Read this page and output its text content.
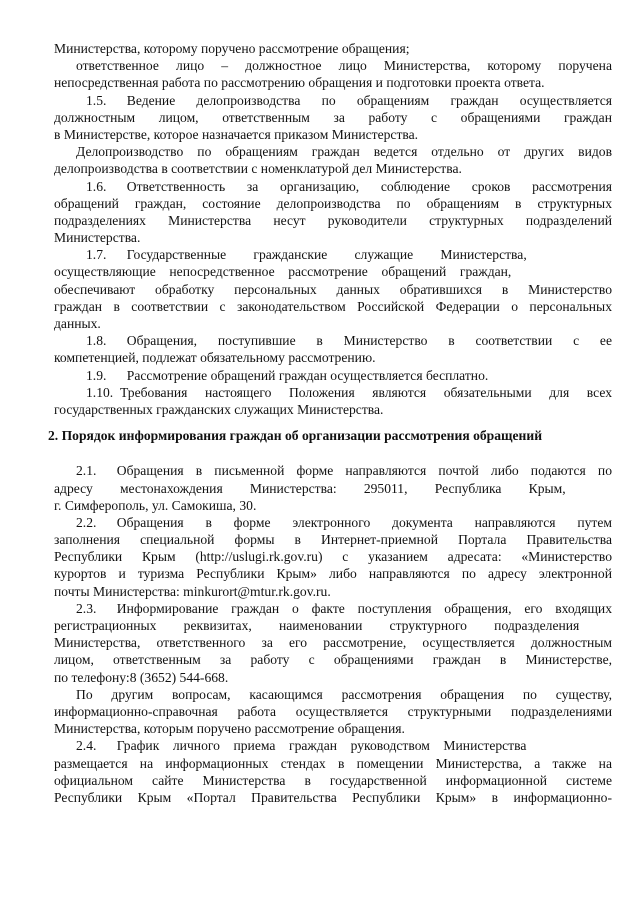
Министерства, которому поручено рассмотрение обращения;
ответственное лицо – должностное лицо Министерства, которому поручена
непосредственная работа по рассмотрению обращения и подготовки проекта ответа.
1.5.  Ведение делопроизводства по обращениям граждан осуществляется
должностным лицом, ответственным за работу с обращениями граждан
в Министерстве, которое назначается приказом Министерства.
Делопроизводство по обращениям граждан ведется отдельно от других видов
делопроизводства в соответствии с номенклатурой дел Министерства.
1.6.  Ответственность за организацию, соблюдение сроков рассмотрения
обращений граждан, состояние делопроизводства по обращениям в структурных
подразделениях Министерства несут руководители структурных подразделений
Министерства.
1.7.  Государственные  гражданские  служащие  Министерства,
осуществляющие непосредственное рассмотрение обращений граждан,
обеспечивают обработку персональных данных обратившихся в Министерство
граждан в соответствии с законодательством Российской Федерации о персональных
данных.
1.8.  Обращения, поступившие в Министерство в соответствии с ее
компетенцией, подлежат обязательному рассмотрению.
1.9.  Рассмотрение обращений граждан осуществляется бесплатно.
1.10. Требования настоящего Положения являются обязательными для всех
государственных гражданских служащих Министерства.
2. Порядок информирования граждан об организации рассмотрения обращений
2.1.  Обращения в письменной форме направляются почтой либо подаются по
адресу  местонахождения  Министерства:  295011,  Республика  Крым,
г. Симферополь, ул. Самокиша, 30.
2.2.  Обращения в форме электронного документа направляются путем
заполнения специальной формы в Интернет-приемной Портала Правительства
Республики Крым (http://uslugi.rk.gov.ru) с указанием адресата: «Министерство
курортов и туризма Республики Крым» либо направляются по адресу электронной
почты Министерства: minkurort@mtur.rk.gov.ru.
2.3.  Информирование граждан о факте поступления обращения, его входящих
регистрационных  реквизитах,  наименовании  структурного  подразделения
Министерства, ответственного за его рассмотрение, осуществляется должностным
лицом, ответственным за работу с обращениями граждан в Министерстве,
по телефону:8 (3652) 544-668.
По другим вопросам, касающимся рассмотрения обращения по существу,
информационно-справочная работа осуществляется структурными подразделениями
Министерства, которым поручено рассмотрение обращения.
2.4.  График личного приема граждан руководством Министерства
размещается на информационных стендах в помещении Министерства, а также на
официальном сайте Министерства в государственной информационной системе
Республики Крым «Портал Правительства Республики Крым» в информационно-
